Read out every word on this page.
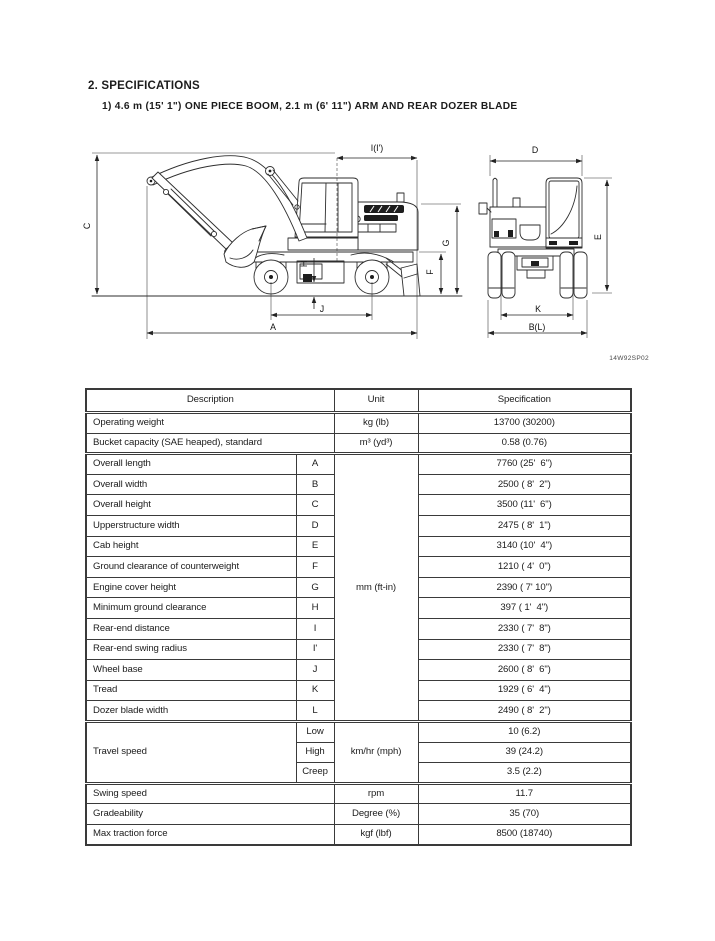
2. SPECIFICATIONS
1) 4.6 m (15' 1") ONE PIECE BOOM, 2.1 m (6' 11") ARM AND REAR DOZER BLADE
C
A
J
H
F
G
I(I')	D
E
K
B(L)
14W92SP02
Description		Unit	Specification
Operating weight		kg (lb)	13700 (30200)
Bucket capacity (SAE heaped), standard		m³ (yd³)	0.58 (0.76)
Overall length	A	mm (ft-in)	7760 (25'  6")
Overall width	B		2500 ( 8'  2")
Overall height	C		3500 (11'  6")
Upperstructure width	D		2475 ( 8'  1")
Cab height	E		3140 (10'  4")
Ground clearance of counterweight	F		1210 ( 4'  0")
Engine cover height	G		2390 ( 7' 10")
Minimum ground clearance	H		397 ( 1'  4")
Rear-end distance	I		2330 ( 7'  8")
Rear-end swing radius	I'		2330 ( 7'  8")
Wheel base	J		2600 ( 8'  6")
Tread	K		1929 ( 6'  4")
Dozer blade width	L		2490 ( 8'  2")
Travel speed	Low	km/hr (mph)	10 (6.2)
	High		39 (24.2)
	Creep		3.5 (2.2)
Swing speed		rpm	11.7
Gradeability		Degree (%)	35 (70)
Max traction force		kgf (lbf)	8500 (18740)
